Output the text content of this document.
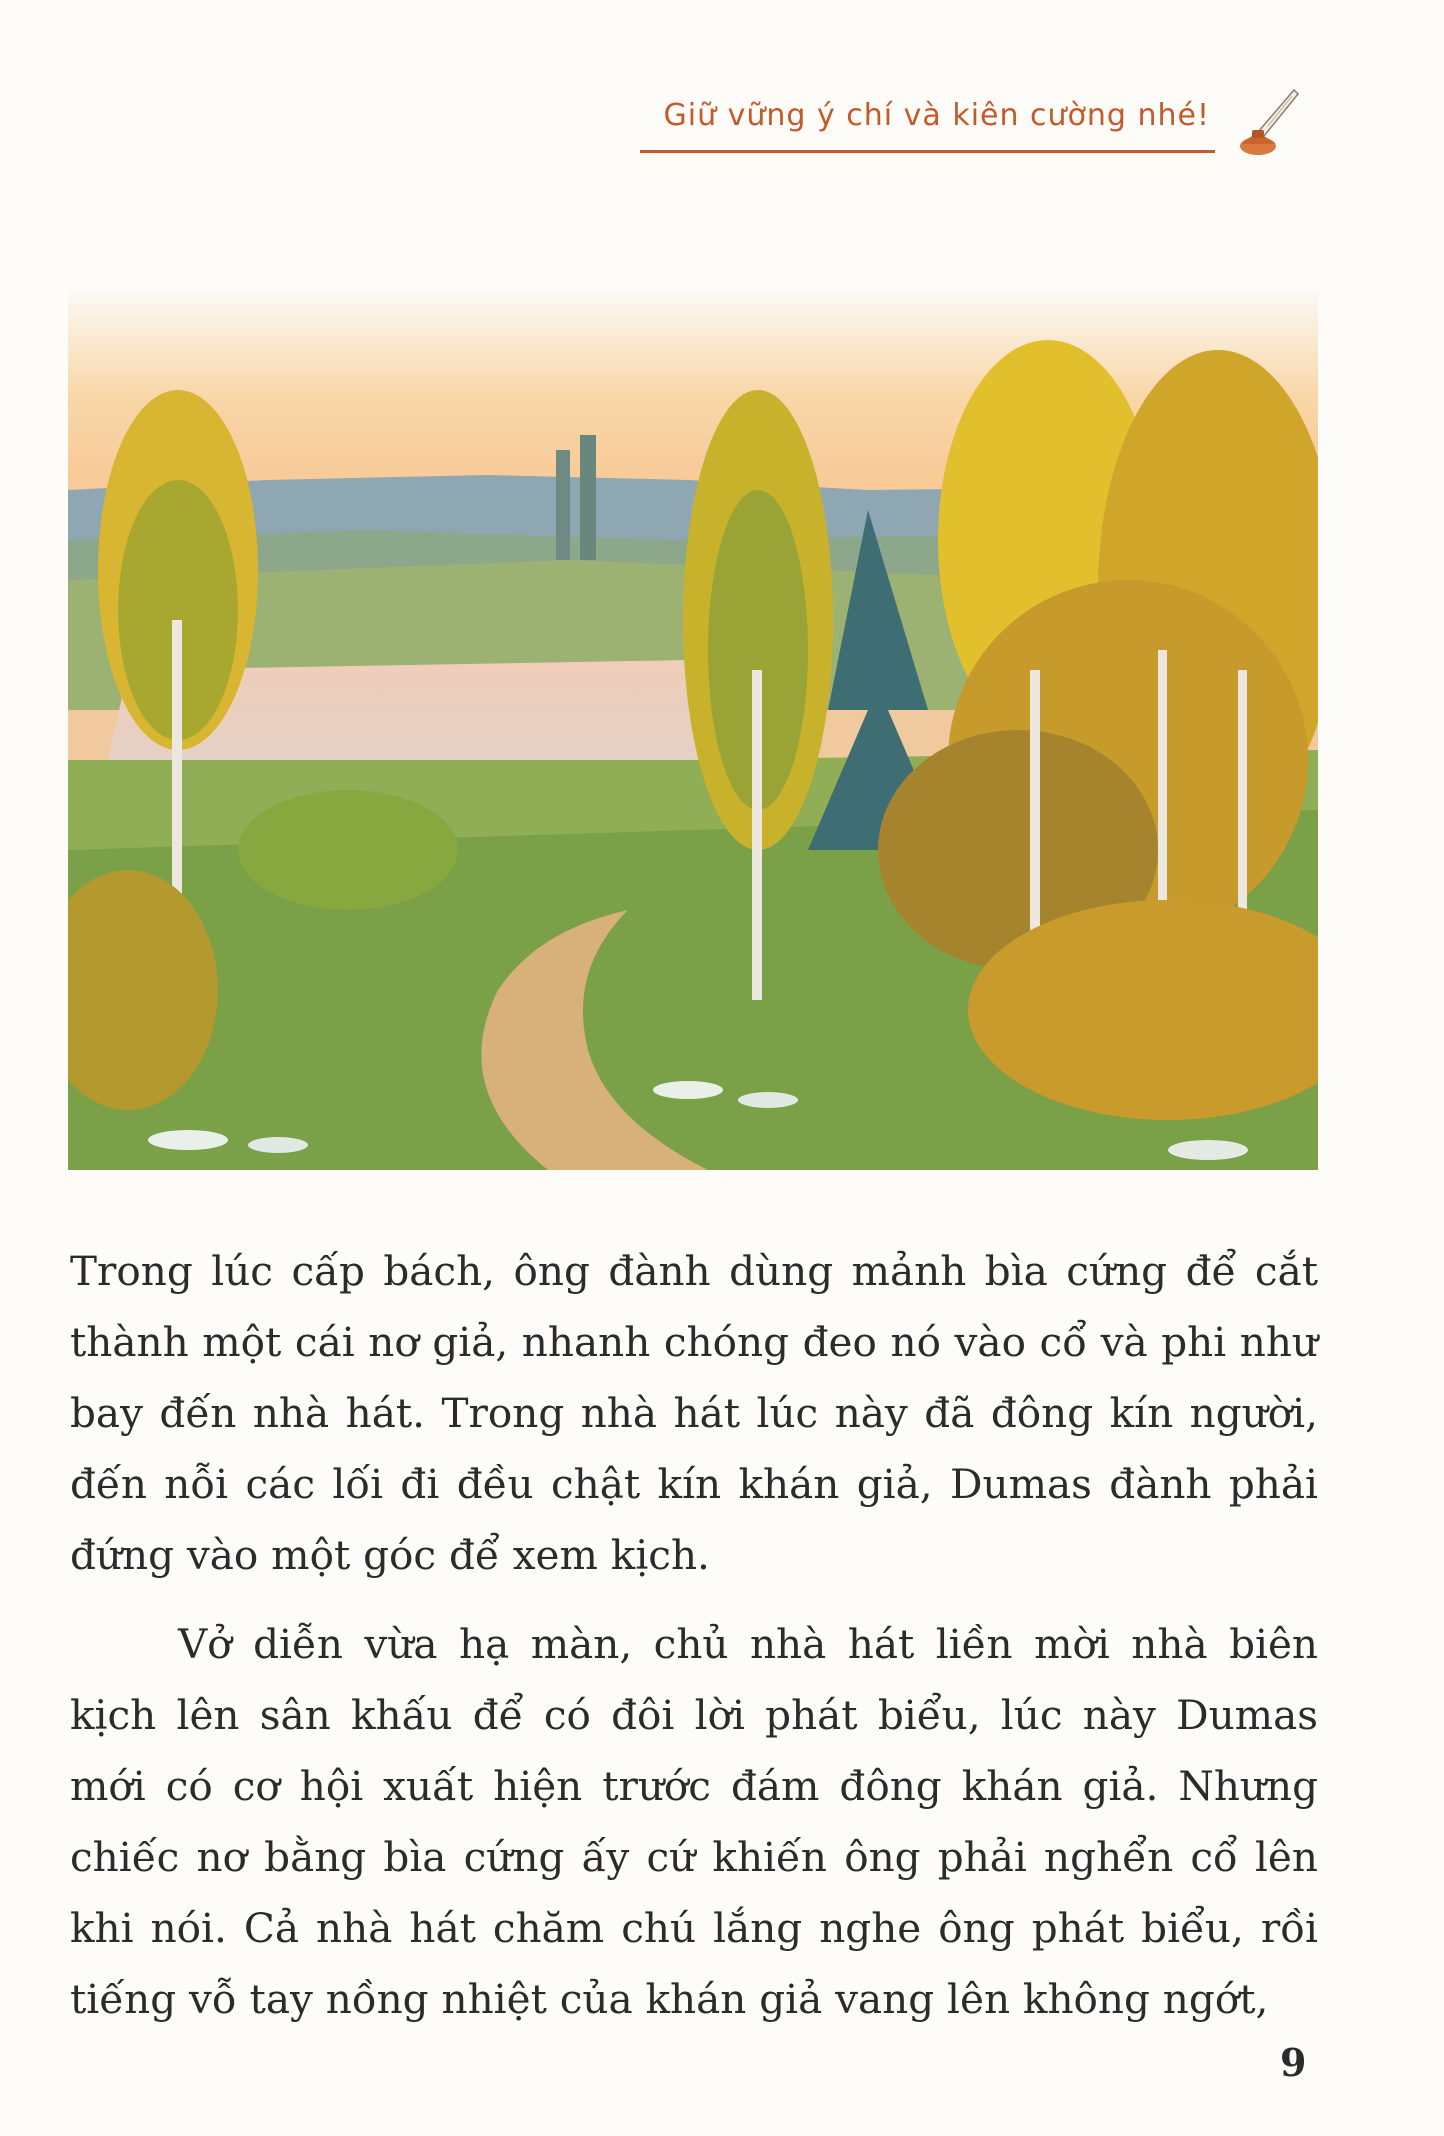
Giữ vững ý chí và kiên cường nhé!

Trong lúc cấp bách, ông đành dùng mảnh bìa cứng để cắt thành một cái nơ giả, nhanh chóng đeo nó vào cổ và phi như bay đến nhà hát. Trong nhà hát lúc này đã đông kín người, đến nỗi các lối đi đều chật kín khán giả, Dumas đành phải đứng vào một góc để xem kịch.

Vở diễn vừa hạ màn, chủ nhà hát liền mời nhà biên kịch lên sân khấu để có đôi lời phát biểu, lúc này Dumas mới có cơ hội xuất hiện trước đám đông khán giả. Nhưng chiếc nơ bằng bìa cứng ấy cứ khiến ông phải nghển cổ lên khi nói. Cả nhà hát chăm chú lắng nghe ông phát biểu, rồi tiếng vỗ tay nồng nhiệt của khán giả vang lên không ngớt,

9
